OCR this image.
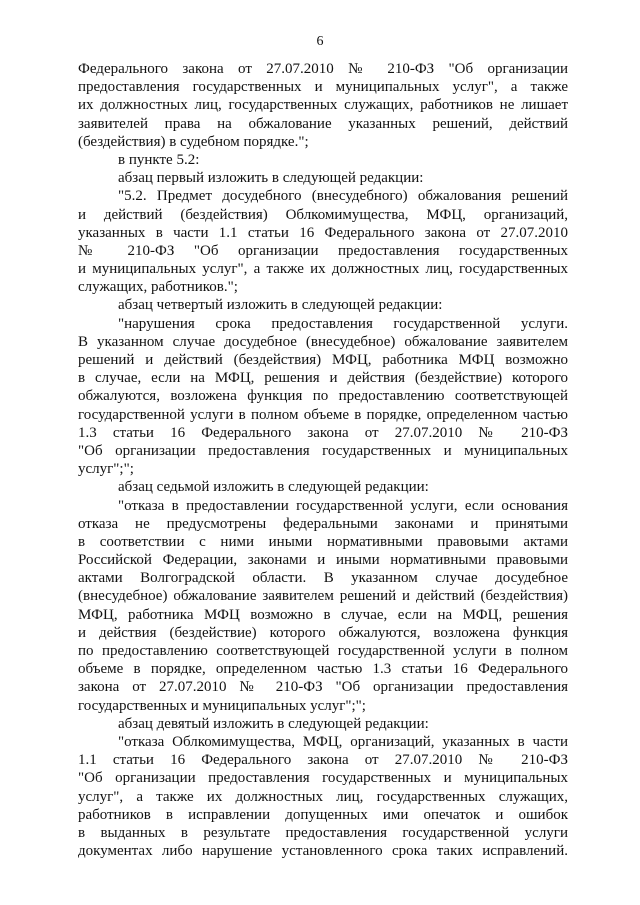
6
Федерального закона от 27.07.2010 № 210-ФЗ "Об организации
предоставления государственных и муниципальных услуг", а также
их должностных лиц, государственных служащих, работников не лишает
заявителей права на обжалование указанных решений, действий
(бездействия) в судебном порядке.";
в пункте 5.2:
абзац первый изложить в следующей редакции:
"5.2. Предмет досудебного (внесудебного) обжалования решений
и действий (бездействия) Облкомимущества, МФЦ, организаций,
указанных в части 1.1 статьи 16 Федерального закона от 27.07.2010
№ 210-ФЗ "Об организации предоставления государственных
и муниципальных услуг", а также их должностных лиц, государственных
служащих, работников.";
абзац четвертый изложить в следующей редакции:
"нарушения срока предоставления государственной услуги.
В указанном случае досудебное (внесудебное) обжалование заявителем
решений и действий (бездействия) МФЦ, работника МФЦ возможно
в случае, если на МФЦ, решения и действия (бездействие) которого
обжалуются, возложена функция по предоставлению соответствующей
государственной услуги в полном объеме в порядке, определенном частью
1.3 статьи 16 Федерального закона от 27.07.2010 № 210-ФЗ
"Об организации предоставления государственных и муниципальных
услуг";";
абзац седьмой изложить в следующей редакции:
"отказа в предоставлении государственной услуги, если основания
отказа не предусмотрены федеральными законами и принятыми
в соответствии с ними иными нормативными правовыми актами
Российской Федерации, законами и иными нормативными правовыми
актами Волгоградской области. В указанном случае досудебное
(внесудебное) обжалование заявителем решений и действий (бездействия)
МФЦ, работника МФЦ возможно в случае, если на МФЦ, решения
и действия (бездействие) которого обжалуются, возложена функция
по предоставлению соответствующей государственной услуги в полном
объеме в порядке, определенном частью 1.3 статьи 16 Федерального
закона от 27.07.2010 № 210-ФЗ "Об организации предоставления
государственных и муниципальных услуг";";
абзац девятый изложить в следующей редакции:
"отказа Облкомимущества, МФЦ, организаций, указанных в части
1.1 статьи 16 Федерального закона от 27.07.2010 № 210-ФЗ
"Об организации предоставления государственных и муниципальных
услуг", а также их должностных лиц, государственных служащих,
работников в исправлении допущенных ими опечаток и ошибок
в выданных в результате предоставления государственной услуги
документах либо нарушение установленного срока таких исправлений.
